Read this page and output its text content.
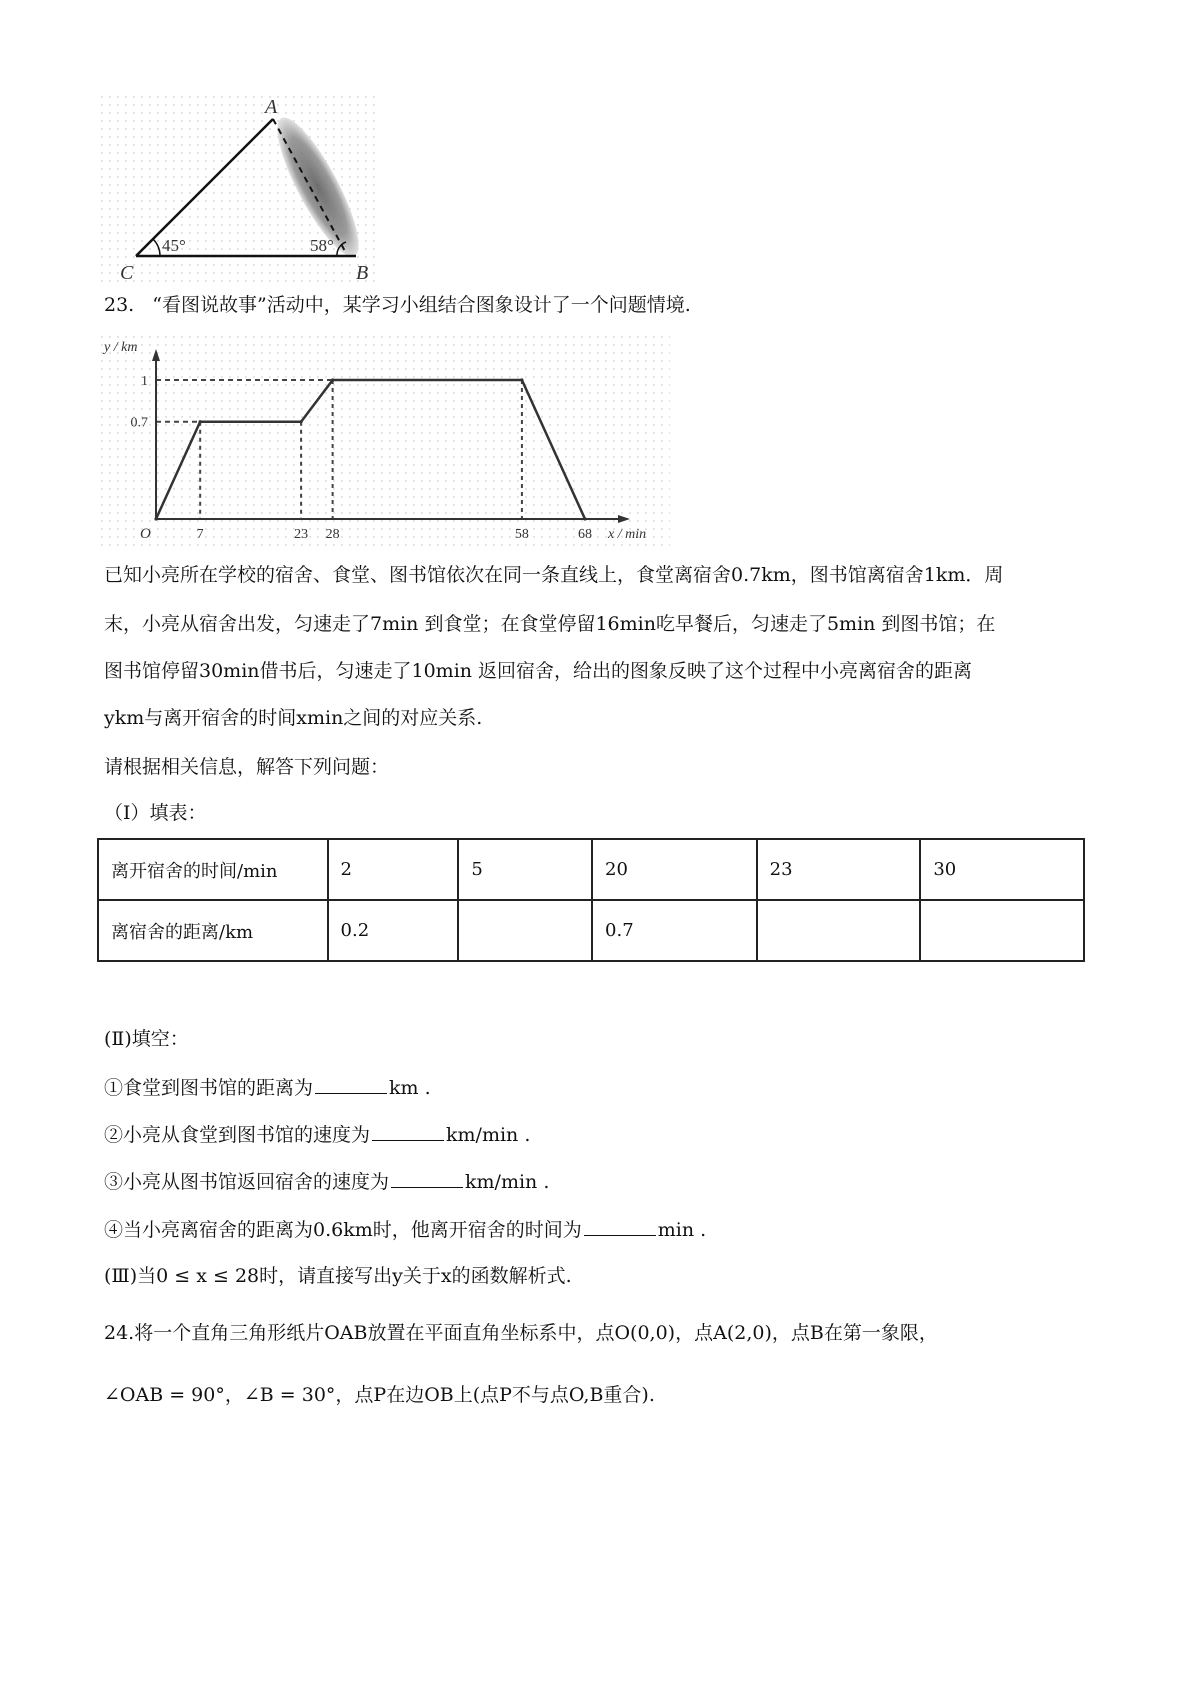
A
C	B
45°	58°
23. “看图说故事”活动中，某学习小组结合图象设计了一个问题情境.
7	23 28	58	68
0.7
1
y / km
x / min
O
已知小亮所在学校的宿舍、食堂、图书馆依次在同一条直线上，食堂离宿舍0.7km，图书馆离宿舍1km．周
末，小亮从宿舍出发，匀速走了7min 到食堂；在食堂停留16min吃早餐后，匀速走了5min 到图书馆；在
图书馆停留30min借书后，匀速走了10min 返回宿舍，给出的图象反映了这个过程中小亮离宿舍的距离
ykm与离开宿舍的时间xmin之间的对应关系.
请根据相关信息，解答下列问题：
（Ⅰ）填表：
离开宿舍的时间/min	2	5	20	23	30
离宿舍的距离/km	0.2		0.7		
(Ⅱ)填空：
①食堂到图书馆的距离为	km .
②小亮从食堂到图书馆的速度为	km/min .
③小亮从图书馆返回宿舍的速度为	km/min .
④当小亮离宿舍的距离为0.6km时，他离开宿舍的时间为	min .
(Ⅲ)当0 ≤ x ≤ 28时，请直接写出y关于x的函数解析式.
24.将一个直角三角形纸片OAB放置在平面直角坐标系中，点O(0,0)，点A(2,0)，点B在第一象限，
∠OAB = 90°，∠B = 30°，点P在边OB上(点P不与点O,B重合).
